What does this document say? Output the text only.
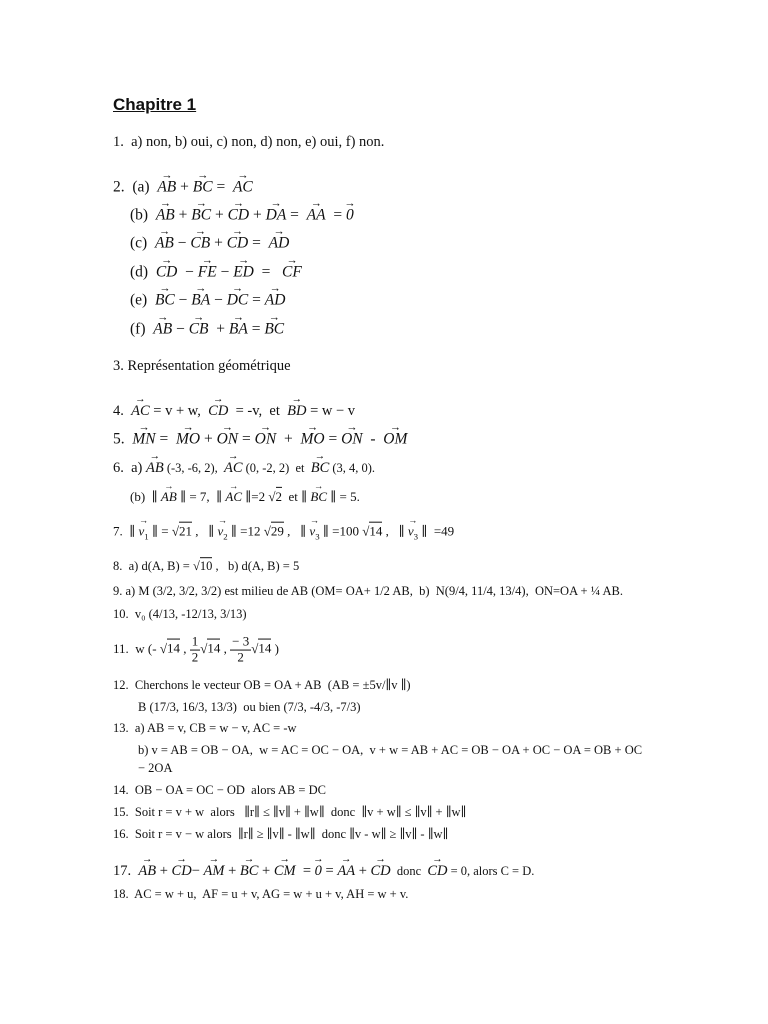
Chapitre 1
1.  a) non, b) oui, c) non, d) non, e) oui, f) non.
2.  (a)  → AB + → BC =  → AC
(b)  → AB + → BC + → CD + → DA =  → AA  = → 0
(c)  → AB − → CB + → CD =  → AD
(d)  → CD  − → FE − → ED  =   → CF
(e)  → BC − → BA − → DC = → AD
(f)  → AB − → CB  + → BA = → BC
3. Représentation géométrique
4.  → AC = v + w,  → CD  = -v,  et  → BD = w − v
5.  → MN =  → MO + → ON = → ON  +  → MO = → ON  -  → OM
6.  a) → AB (-3, -6, 2),  → AC (0, -2, 2)  et  → BC (3, 4, 0).
(b)  ∥ → AB ∥ = 7,  ∥ → AC ∥=2 √2  et ∥ → BC ∥ = 5.
7.  ∥ → $v_1$ ∥ = √21 ,   ∥ → $v_2$ ∥ =12 √29 ,   ∥ → $v_3$ ∥ =100 √14 ,   ∥ → $v_3$ ∥  =49
8.  a) d(A, B) = √10 ,   b) d(A, B) = 5
9. a) M (3/2, 3/2, 3/2) est milieu de AB (OM= OA+ 1/2 AB,  b)  N(9/4, 11/4, 13/4),  ON=OA + ¼ AB.
10.  v₀ (4/13, -12/13, 3/13)
11.  w (- √14 , $\frac{1}{2} √14$ , $\frac{- 3}{2} √14$ )
12.  Cherchons le vecteur OB = OA + AB  (AB = ±5v/∥v ∥)
B (17/3, 16/3, 13/3)  ou bien (7/3, -4/3, -7/3)
13.  a) AB = v, CB = w − v, AC = -w
b) v = AB = OB − OA,  w = AC = OC − OA,  v + w = AB + AC = OB − OA + OC − OA = OB + OC
− 2OA
14.  OB − OA = OC − OD  alors AB = DC
15.  Soit r = v + w  alors   ∥r∥ ≤ ∥v∥ + ∥w∥  donc  ∥v + w∥ ≤ ∥v∥ + ∥w∥
16.  Soit r = v − w alors  ∥r∥ ≥ ∥v∥ - ∥w∥  donc ∥v - w∥ ≥ ∥v∥ - ∥w∥
17.  → AB + → CD− → AM + → BC + → CM  = → 0 = → AA + → CD  donc  → CD = 0, alors C = D.
18.  AC = w + u,  AF = u + v, AG = w + u + v, AH = w + v.
